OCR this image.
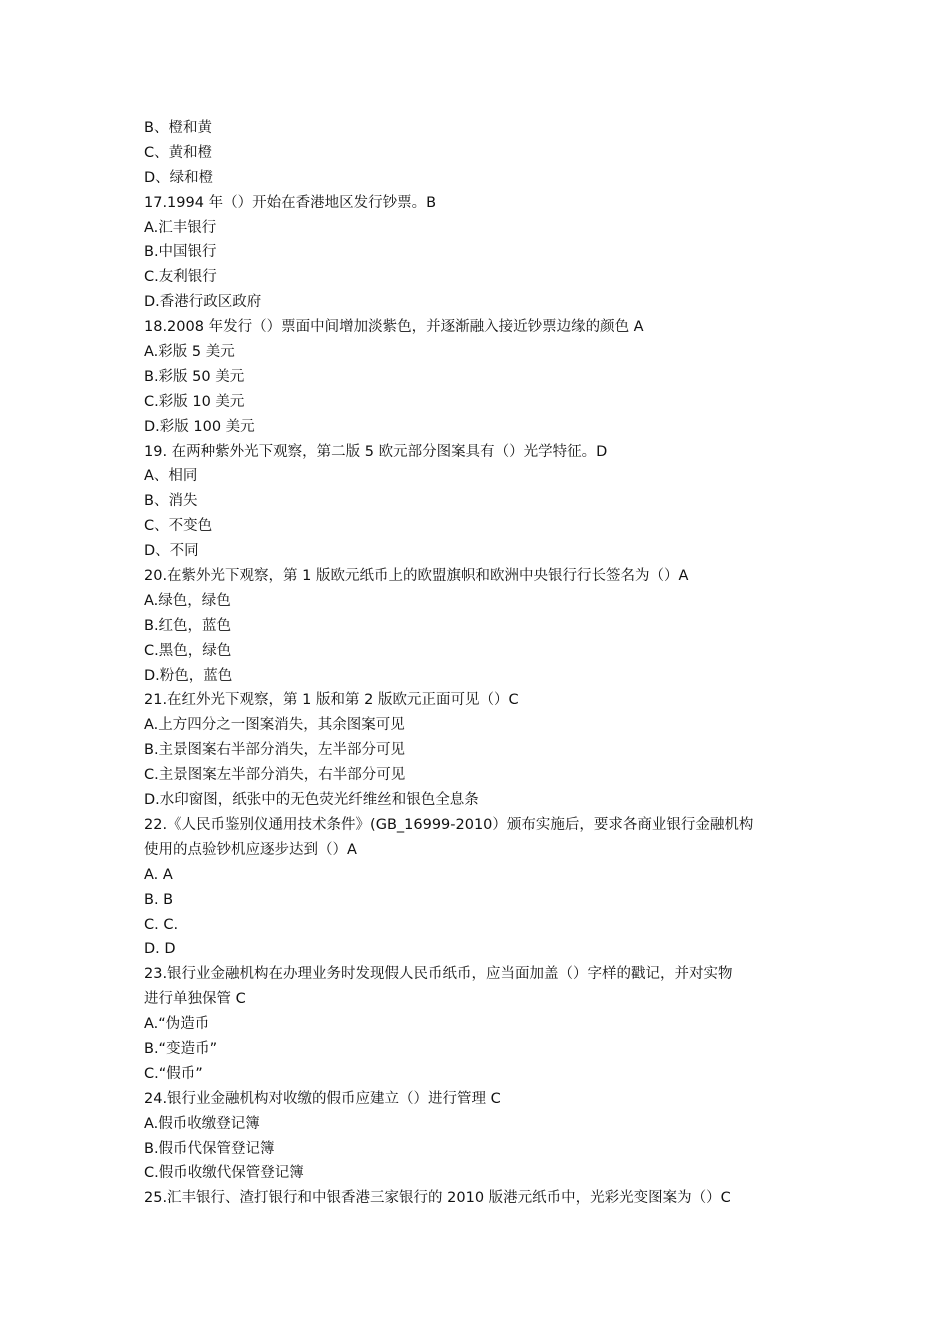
B、橙和黄
C、黄和橙
D、绿和橙
17.1994 年（）开始在香港地区发行钞票。B
A.汇丰银行
B.中国银行
C.友利银行
D.香港行政区政府
18.2008 年发行（）票面中间增加淡紫色，并逐渐融入接近钞票边缘的颜色 A
A.彩版 5 美元
B.彩版 50 美元
C.彩版 10 美元
D.彩版 100 美元
19. 在两种紫外光下观察，第二版 5 欧元部分图案具有（）光学特征。D
A、相同
B、消失
C、不变色
D、不同
20.在紫外光下观察，第 1 版欧元纸币上的欧盟旗帜和欧洲中央银行行长签名为（）A
A.绿色，绿色
B.红色，蓝色
C.黑色，绿色
D.粉色，蓝色
21.在红外光下观察，第 1 版和第 2 版欧元正面可见（）C
A.上方四分之一图案消失，其余图案可见
B.主景图案右半部分消失，左半部分可见
C.主景图案左半部分消失，右半部分可见
D.水印窗图，纸张中的无色荧光纤维丝和银色全息条
22.《人民币鉴别仪通用技术条件》(GB_16999-2010）颁布实施后，要求各商业银行金融机构
使用的点验钞机应逐步达到（）A
A. A
B. B
C. C.
D. D
23.银行业金融机构在办理业务时发现假人民币纸币，应当面加盖（）字样的戳记，并对实物
进行单独保管 C
A.“伪造币
B.“变造币”
C.“假币”
24.银行业金融机构对收缴的假币应建立（）进行管理 C
A.假币收缴登记簿
B.假币代保管登记簿
C.假币收缴代保管登记簿
25.汇丰银行、渣打银行和中银香港三家银行的 2010 版港元纸币中，光彩光变图案为（）C
